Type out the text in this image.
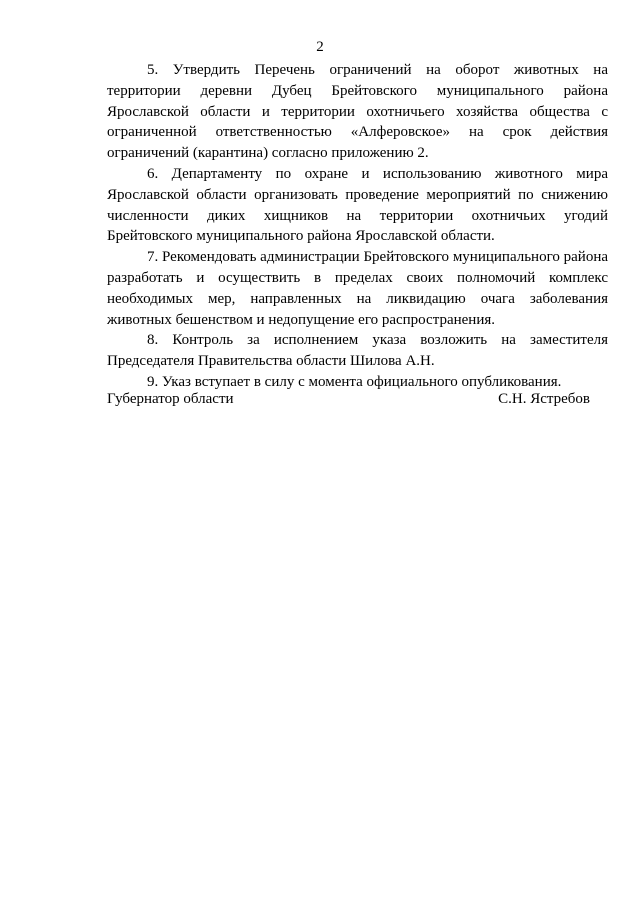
2

5. Утвердить Перечень ограничений на оборот животных на территории деревни Дубец Брейтовского муниципального района Ярославской области и территории охотничьего хозяйства общества с ограниченной ответственностью «Алферовское» на срок действия ограничений (карантина) согласно приложению 2.

6. Департаменту по охране и использованию животного мира Ярославской области организовать проведение мероприятий по снижению численности диких хищников на территории охотничьих угодий Брейтовского муниципального района Ярославской области.

7. Рекомендовать администрации Брейтовского муниципального района разработать и осуществить в пределах своих полномочий комплекс необходимых мер, направленных на ликвидацию очага заболевания животных бешенством и недопущение его распространения.

8. Контроль за исполнением указа возложить на заместителя Председателя Правительства области Шилова А.Н.

9. Указ вступает в силу с момента официального опубликования.

Губернатор области	С.Н. Ястребов
